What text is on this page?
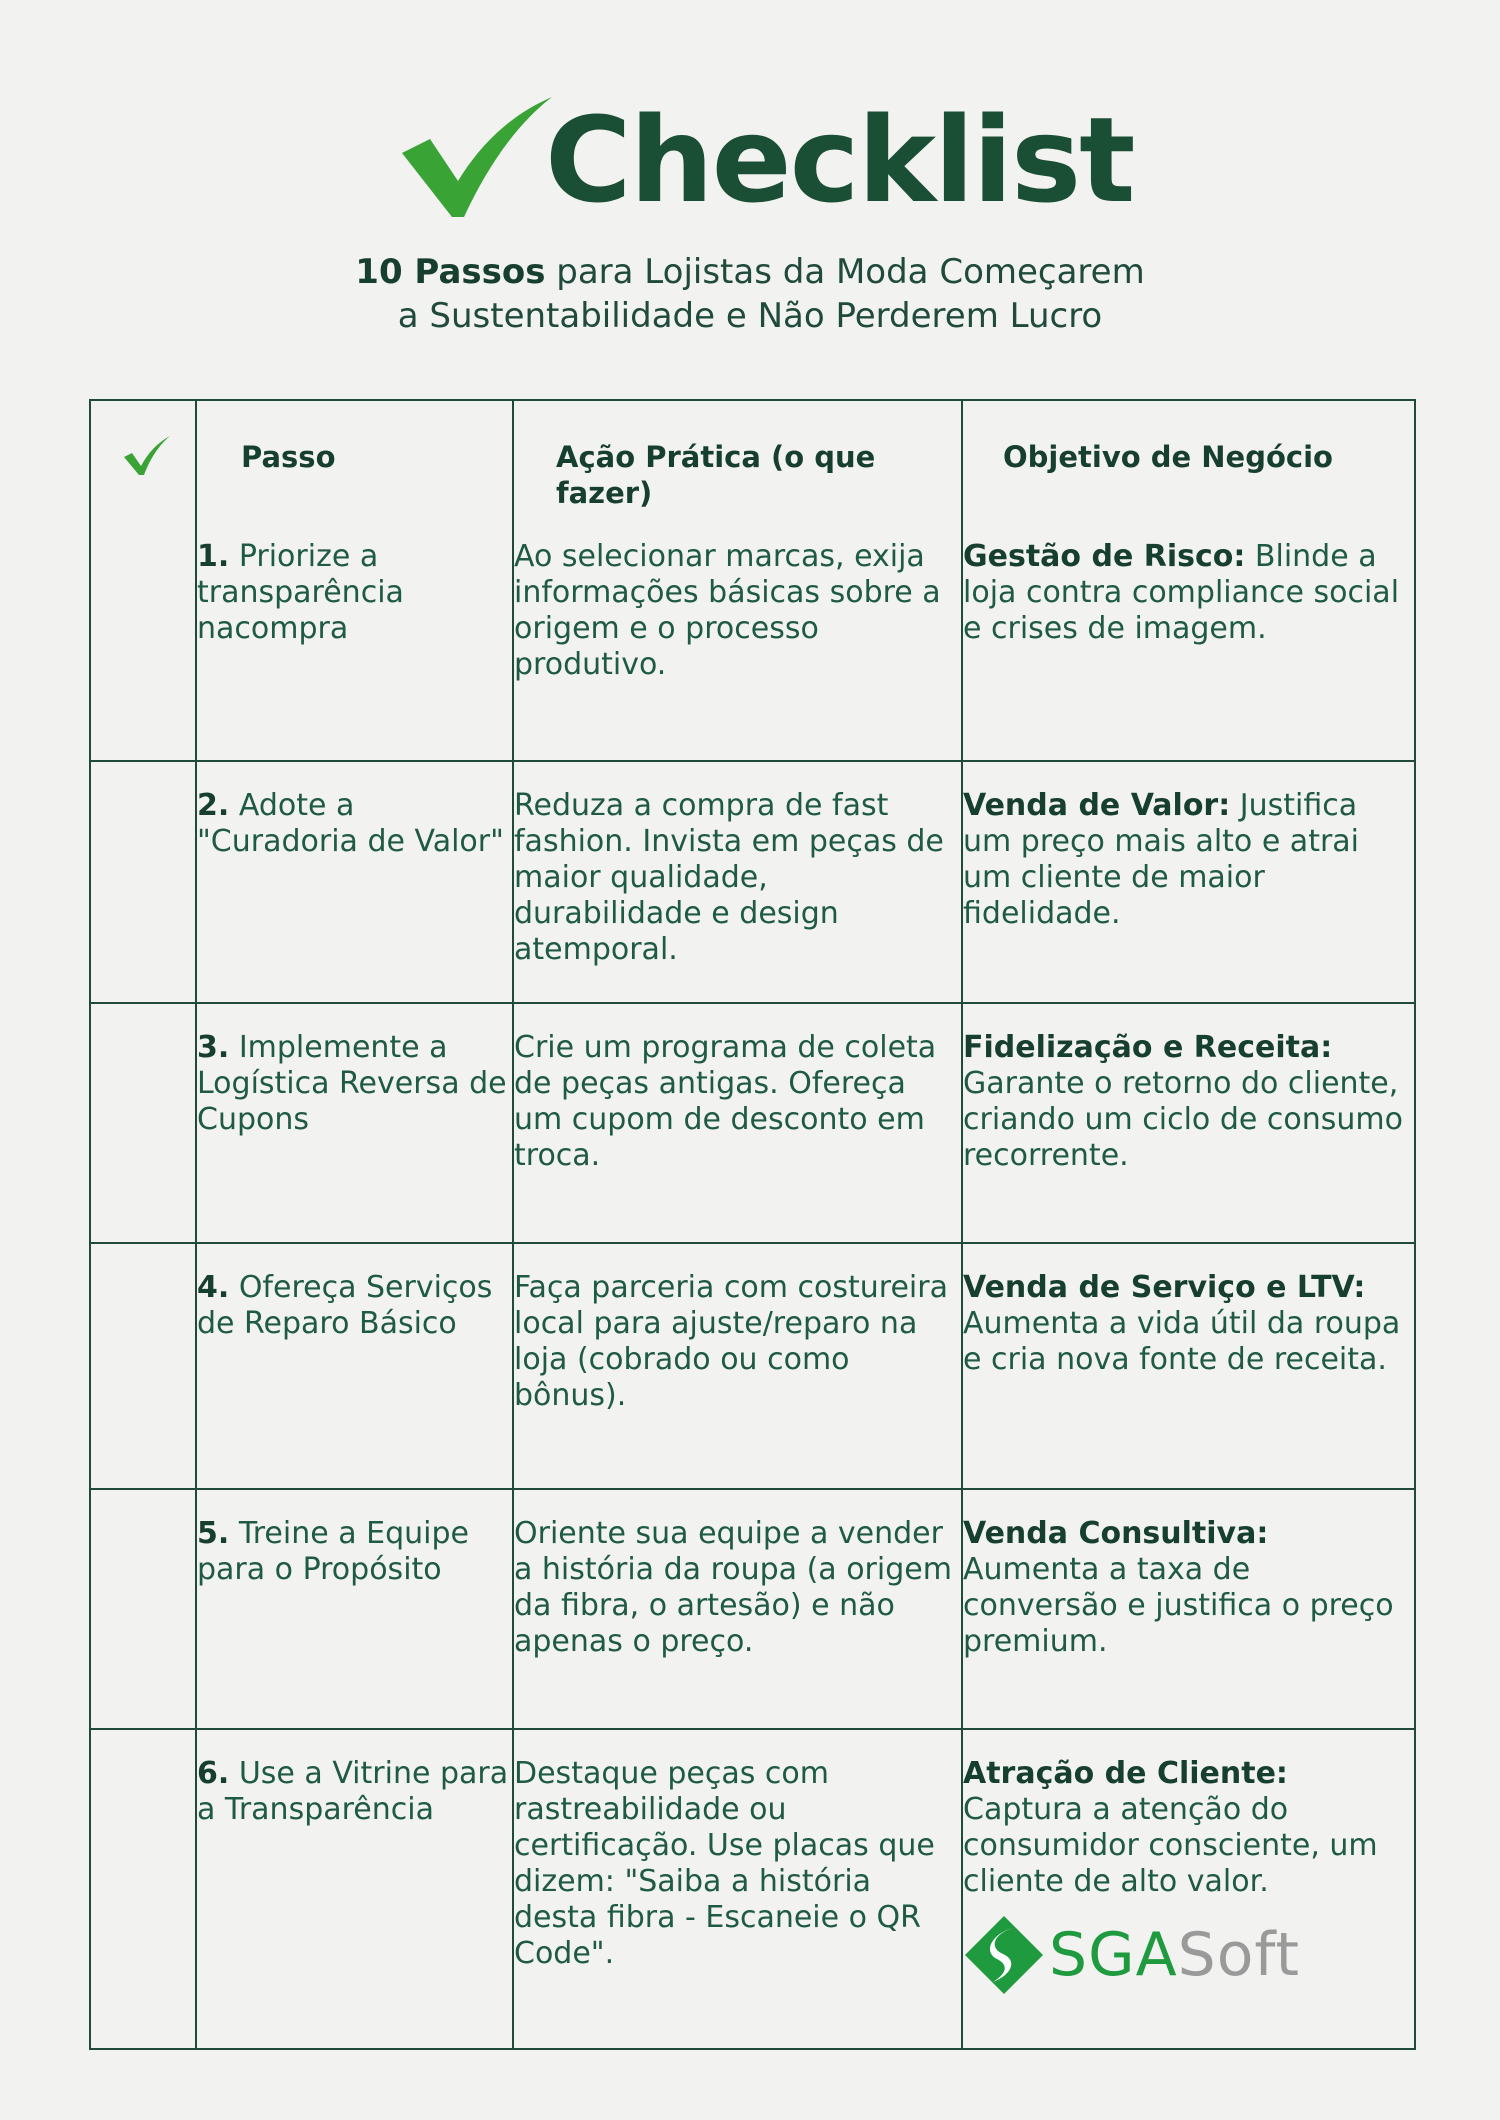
Checklist
10 Passos para Lojistas da Moda Começarem
a Sustentabilidade e Não Perderem Lucro
	Passo	Ação Prática (o que fazer)	Objetivo de Negócio
	1. Priorize a transparência nacompra	Ao selecionar marcas, exija informações básicas sobre a origem e o processo produtivo.	Gestão de Risco: Blinde a loja contra compliance social e crises de imagem.
	2. Adote a "Curadoria de Valor"	Reduza a compra de fast fashion. Invista em peças de maior qualidade, durabilidade e design atemporal.	Venda de Valor: Justifica um preço mais alto e atrai um cliente de maior fidelidade.
	3. Implemente a Logística Reversa de Cupons	Crie um programa de coleta de peças antigas. Ofereça um cupom de desconto em troca.	Fidelização e Receita: Garante o retorno do cliente, criando um ciclo de consumo recorrente.
	4. Ofereça Serviços de Reparo Básico	Faça parceria com costureira local para ajuste/reparo na loja (cobrado ou como bônus).	Venda de Serviço e LTV: Aumenta a vida útil da roupa e cria nova fonte de receita.
	5. Treine a Equipe para o Propósito	Oriente sua equipe a vender a história da roupa (a origem da fibra, o artesão) e não apenas o preço.	Venda Consultiva: Aumenta a taxa de conversão e justifica o preço premium.
	6. Use a Vitrine para a Transparência	Destaque peças com rastreabilidade ou certificação. Use placas que dizem: "Saiba a história desta fibra - Escaneie o QR Code".	Atração de Cliente: Captura a atenção do consumidor consciente, um cliente de alto valor.
SGA Soft
